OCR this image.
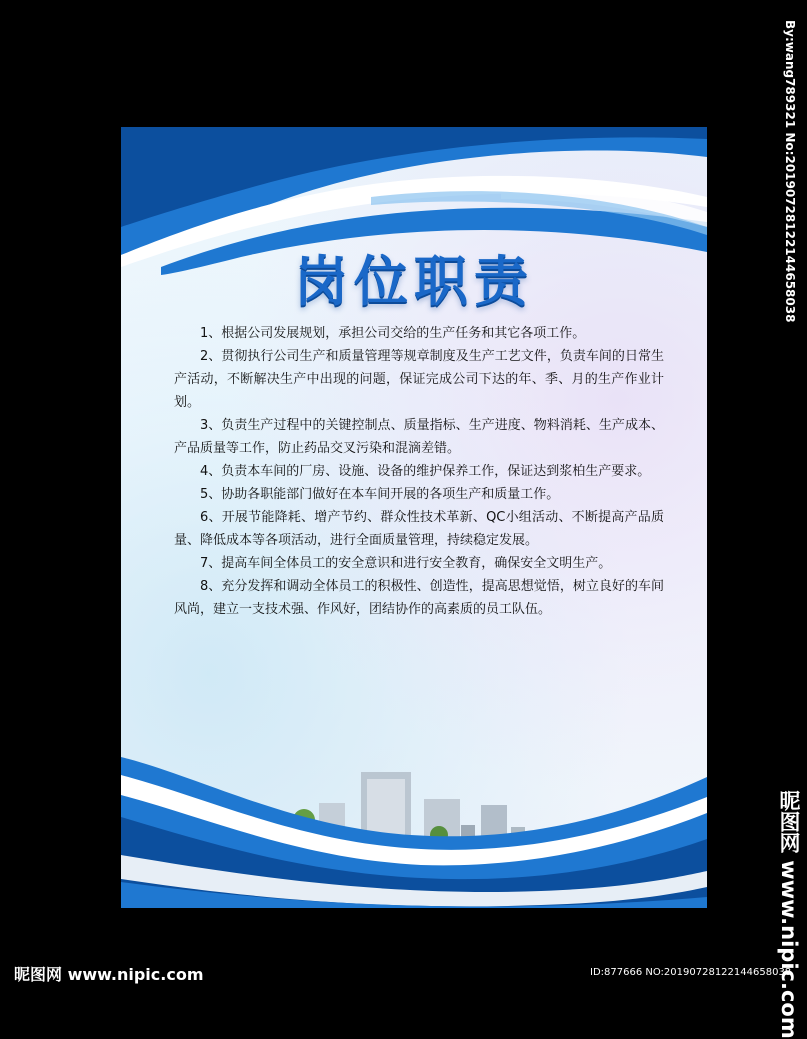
岗位职责

1、根据公司发展规划，承担公司交给的生产任务和其它各项工作。

2、贯彻执行公司生产和质量管理等规章制度及生产工艺文件，负责车间的日常生产活动，不断解决生产中出现的问题，保证完成公司下达的年、季、月的生产作业计划。

3、负责生产过程中的关键控制点、质量指标、生产进度、物料消耗、生产成本、产品质量等工作，防止药品交叉污染和混滴差错。

4、负责本车间的厂房、设施、设备的维护保养工作，保证达到浆柏生产要求。

5、协助各职能部门做好在本车间开展的各项生产和质量工作。

6、开展节能降耗、增产节约、群众性技术革新、QC小组活动、不断提高产品质量、降低成本等各项活动，进行全面质量管理，持续稳定发展。

7、提高车间全体员工的安全意识和进行安全教育，确保安全文明生产。

8、充分发挥和调动全体员工的积极性、创造性，提高思想觉悟，树立良好的车间风尚，建立一支技术强、作风好，团结协作的高素质的员工队伍。

By:wang789321 No:20190728122144658038
昵图网 www.nipic.com
昵图网 www.nipic.com	ID:877666 NO:20190728122144658038
